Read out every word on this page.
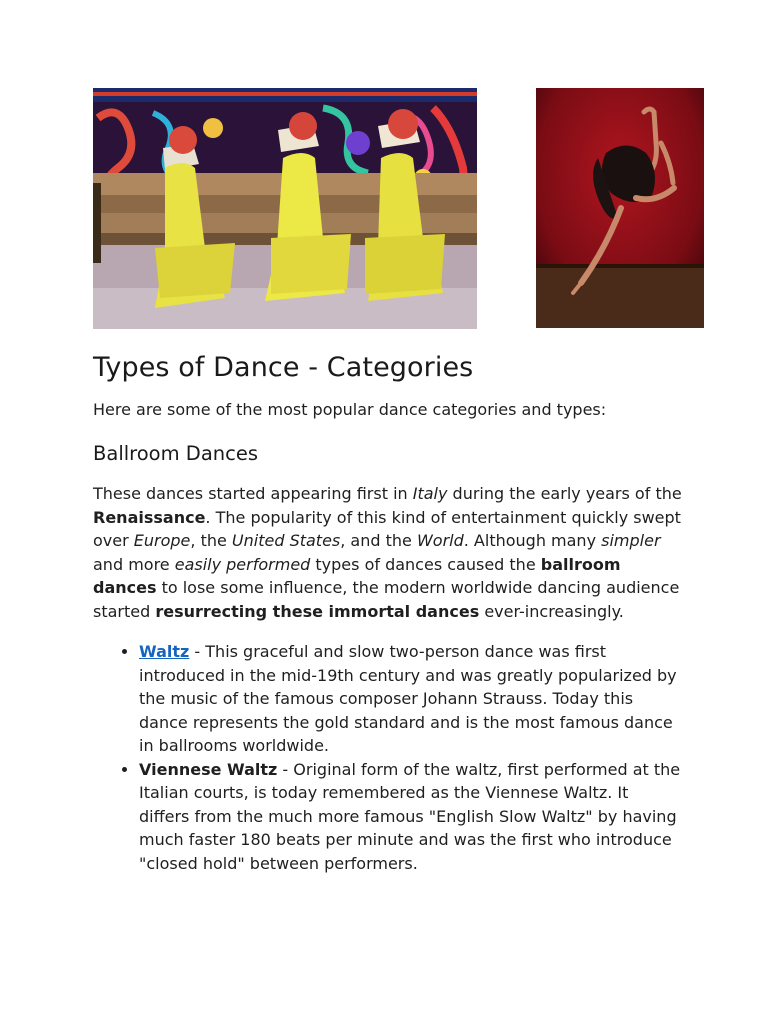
Types of Dance - Categories

Here are some of the most popular dance categories and types:

Ballroom Dances

These dances started appearing first in Italy during the early years of the Renaissance. The popularity of this kind of entertainment quickly swept over Europe, the United States, and the World. Although many simpler and more easily performed types of dances caused the ballroom dances to lose some influence, the modern worldwide dancing audience started resurrecting these immortal dances ever-increasingly.

• Waltz - This graceful and slow two-person dance was first introduced in the mid-19th century and was greatly popularized by the music of the famous composer Johann Strauss. Today this dance represents the gold standard and is the most famous dance in ballrooms worldwide.
• Viennese Waltz - Original form of the waltz, first performed at the Italian courts, is today remembered as the Viennese Waltz. It differs from the much more famous "English Slow Waltz" by having much faster 180 beats per minute and was the first who introduce "closed hold" between performers.
